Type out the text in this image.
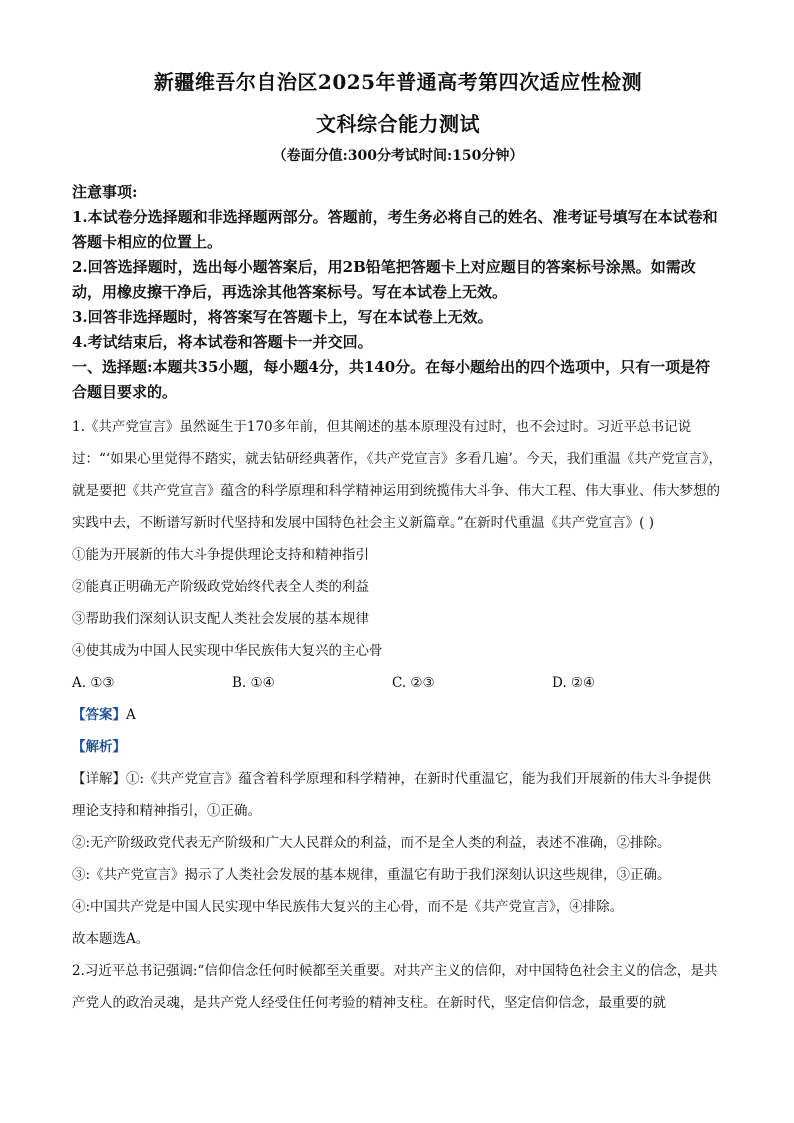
新疆维吾尔自治区2025年普通高考第四次适应性检测

文科综合能力测试

（卷面分值:300分考试时间:150分钟）

注意事项:

1.本试卷分选择题和非选择题两部分。答题前，考生务必将自己的姓名、准考证号填写在本试卷和答题卡相应的位置上。

2.回答选择题时，选出每小题答案后，用2B铅笔把答题卡上对应题目的答案标号涂黑。如需改动，用橡皮擦干净后，再选涂其他答案标号。写在本试卷上无效。

3.回答非选择题时，将答案写在答题卡上，写在本试卷上无效。

4.考试结束后，将本试卷和答题卡一并交回。

一、选择题:本题共35小题，每小题4分，共140分。在每小题给出的四个选项中，只有一项是符合题目要求的。

1.《共产党宣言》虽然诞生于170多年前，但其阐述的基本原理没有过时，也不会过时。习近平总书记说过：“‘如果心里觉得不踏实，就去钻研经典著作，《共产党宣言》多看几遍’。今天，我们重温《共产党宣言》，就是要把《共产党宣言》蕴含的科学原理和科学精神运用到统揽伟大斗争、伟大工程、伟大事业、伟大梦想的实践中去，不断谱写新时代坚持和发展中国特色社会主义新篇章。”在新时代重温《共产党宣言》( )

①能为开展新的伟大斗争提供理论支持和精神指引

②能真正明确无产阶级政党始终代表全人类的利益

③帮助我们深刻认识支配人类社会发展的基本规律

④使其成为中国人民实现中华民族伟大复兴的主心骨

A. ①③	B. ①④	C. ②③	D. ②④

【答案】A

【解析】

【详解】①:《共产党宣言》蕴含着科学原理和科学精神，在新时代重温它，能为我们开展新的伟大斗争提供理论支持和精神指引，①正确。

②:无产阶级政党代表无产阶级和广大人民群众的利益，而不是全人类的利益，表述不准确，②排除。

③:《共产党宣言》揭示了人类社会发展的基本规律，重温它有助于我们深刻认识这些规律，③正确。

④:中国共产党是中国人民实现中华民族伟大复兴的主心骨，而不是《共产党宣言》，④排除。

故本题选A。

2.习近平总书记强调:“信仰信念任何时候都至关重要。对共产主义的信仰，对中国特色社会主义的信念，是共产党人的政治灵魂，是共产党人经受住任何考验的精神支柱。在新时代，坚定信仰信念，最重要的就
